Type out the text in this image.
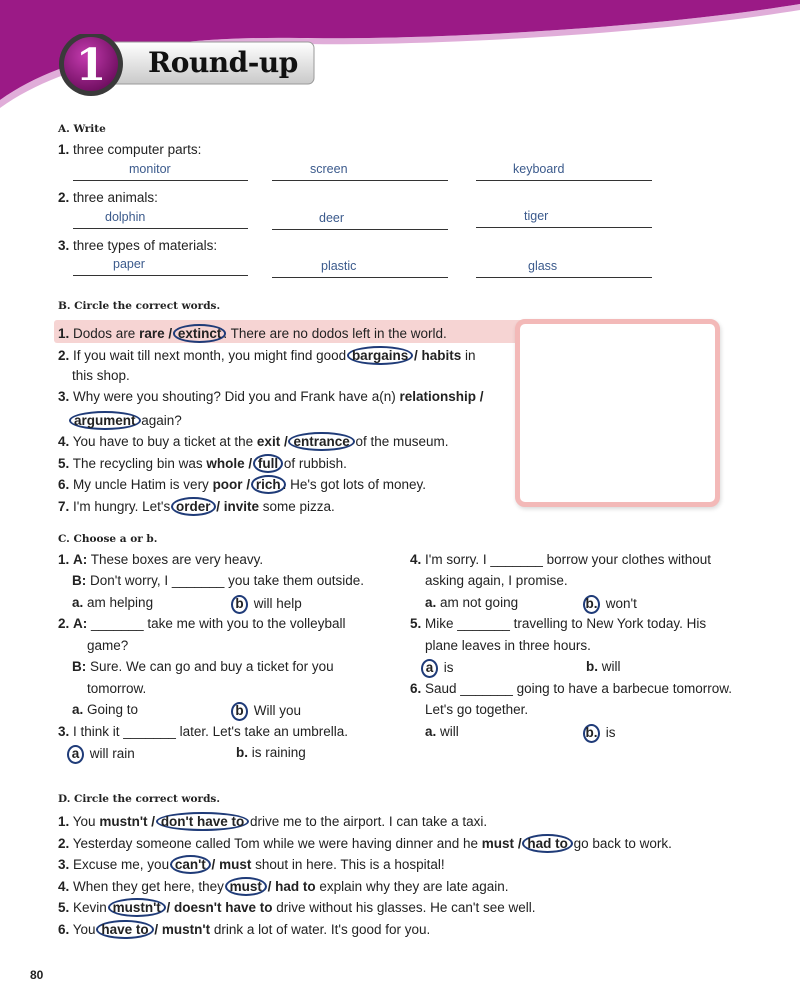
1 Round-up
A. Write
1. three computer parts:
monitor	screen	keyboard
2. three animals:
dolphin	deer	tiger
3. three types of materials:
paper	plastic	glass
B. Circle the correct words.
1. Dodos are rare / extinct . There are no dodos left in the world.
2. If you wait till next month, you might find good bargains / habits in
this shop.
3. Why were you shouting? Did you and Frank have a(n) relationship /
argument again?
4. You have to buy a ticket at the exit / entrance of the museum.
5. The recycling bin was whole / full of rubbish.
6. My uncle Hatim is very poor / rich . He's got lots of money.
7. I'm hungry. Let's order / invite some pizza.
C. Choose a or b.
1. A: These boxes are very heavy.
B: Don't worry, I _______ you take them outside.
a. am helping	b will help
2. A: _______ take me with you to the volleyball
game?
B: Sure. We can go and buy a ticket for you
tomorrow.
a. Going to	b Will you
3. I think it _______ later. Let's take an umbrella.
a will rain	b. is raining
4. I'm sorry. I _______ borrow your clothes without
asking again, I promise.
a. am not going	b. won't
5. Mike _______ travelling to New York today. His
plane leaves in three hours.
a is	b. will
6. Saud _______ going to have a barbecue tomorrow.
Let's go together.
a. will	b. is
D. Circle the correct words.
1. You mustn't / don't have to drive me to the airport. I can take a taxi.
2. Yesterday someone called Tom while we were having dinner and he must / had to go back to work.
3. Excuse me, you can't / must shout in here. This is a hospital!
4. When they get here, they must / had to explain why they are late again.
5. Kevin mustn't / doesn't have to drive without his glasses. He can't see well.
6. You have to / mustn't drink a lot of water. It's good for you.
80
